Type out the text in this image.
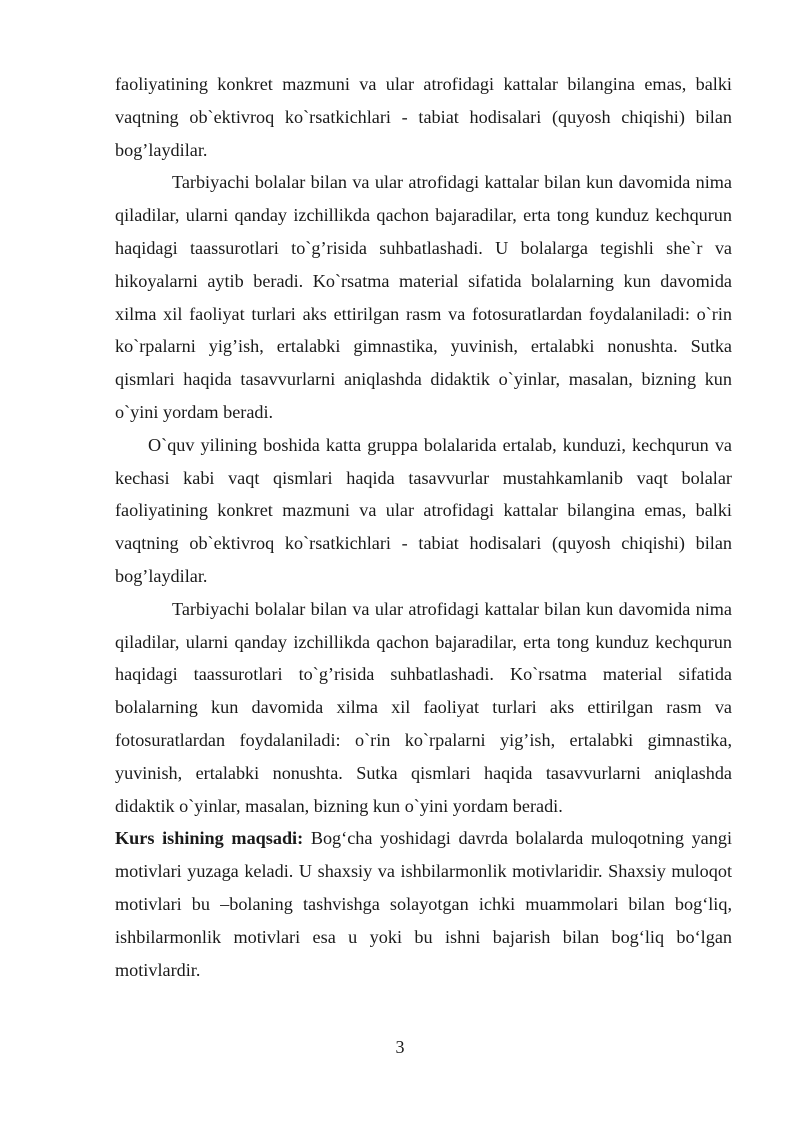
faoliyatining konkret mazmuni va ular atrofidagi kattalar bilangina emas, balki vaqtning ob`ektivroq ko`rsatkichlari - tabiat hodisalari (quyosh chiqishi) bilan bog’laydilar.

Tarbiyachi bolalar bilan va ular atrofidagi kattalar bilan kun davomida nima qiladilar, ularni qanday izchillikda qachon bajaradilar, erta tong kunduz kechqurun haqidagi taassurotlari to`g’risida suhbatlashadi. U bolalarga tegishli she`r va hikoyalarni aytib beradi. Ko`rsatma material sifatida bolalarning kun davomida xilma xil faoliyat turlari aks ettirilgan rasm va fotosuratlardan foydalaniladi: o`rin ko`rpalarni yig’ish, ertalabki gimnastika, yuvinish, ertalabki nonushta. Sutka qismlari haqida tasavvurlarni aniqlashda didaktik o`yinlar, masalan, bizning kun o`yini yordam beradi.

O`quv yilining boshida katta gruppa bolalarida ertalab, kunduzi, kechqurun va kechasi kabi vaqt qismlari haqida tasavvurlar mustahkamlanib vaqt bolalar faoliyatining konkret mazmuni va ular atrofidagi kattalar bilangina emas, balki vaqtning ob`ektivroq ko`rsatkichlari - tabiat hodisalari (quyosh chiqishi) bilan bog’laydilar.

Tarbiyachi bolalar bilan va ular atrofidagi kattalar bilan kun davomida nima qiladilar, ularni qanday izchillikda qachon bajaradilar, erta tong kunduz kechqurun haqidagi taassurotlari to`g’risida suhbatlashadi. Ko`rsatma material sifatida bolalarning kun davomida xilma xil faoliyat turlari aks ettirilgan rasm va fotosuratlardan foydalaniladi: o`rin ko`rpalarni yig’ish, ertalabki gimnastika, yuvinish, ertalabki nonushta. Sutka qismlari haqida tasavvurlarni aniqlashda didaktik o`yinlar, masalan, bizning kun o`yini yordam beradi.

Kurs ishining maqsadi: Bog‘cha yoshidagi davrda bolalarda muloqotning yangi motivlari yuzaga keladi. U shaxsiy va ishbilarmonlik motivlaridir. Shaxsiy muloqot motivlari bu –bolaning tashvishga solayotgan ichki muammolari bilan bog‘liq, ishbilarmonlik motivlari esa u yoki bu ishni bajarish bilan bog‘liq bo‘lgan motivlardir.

3
